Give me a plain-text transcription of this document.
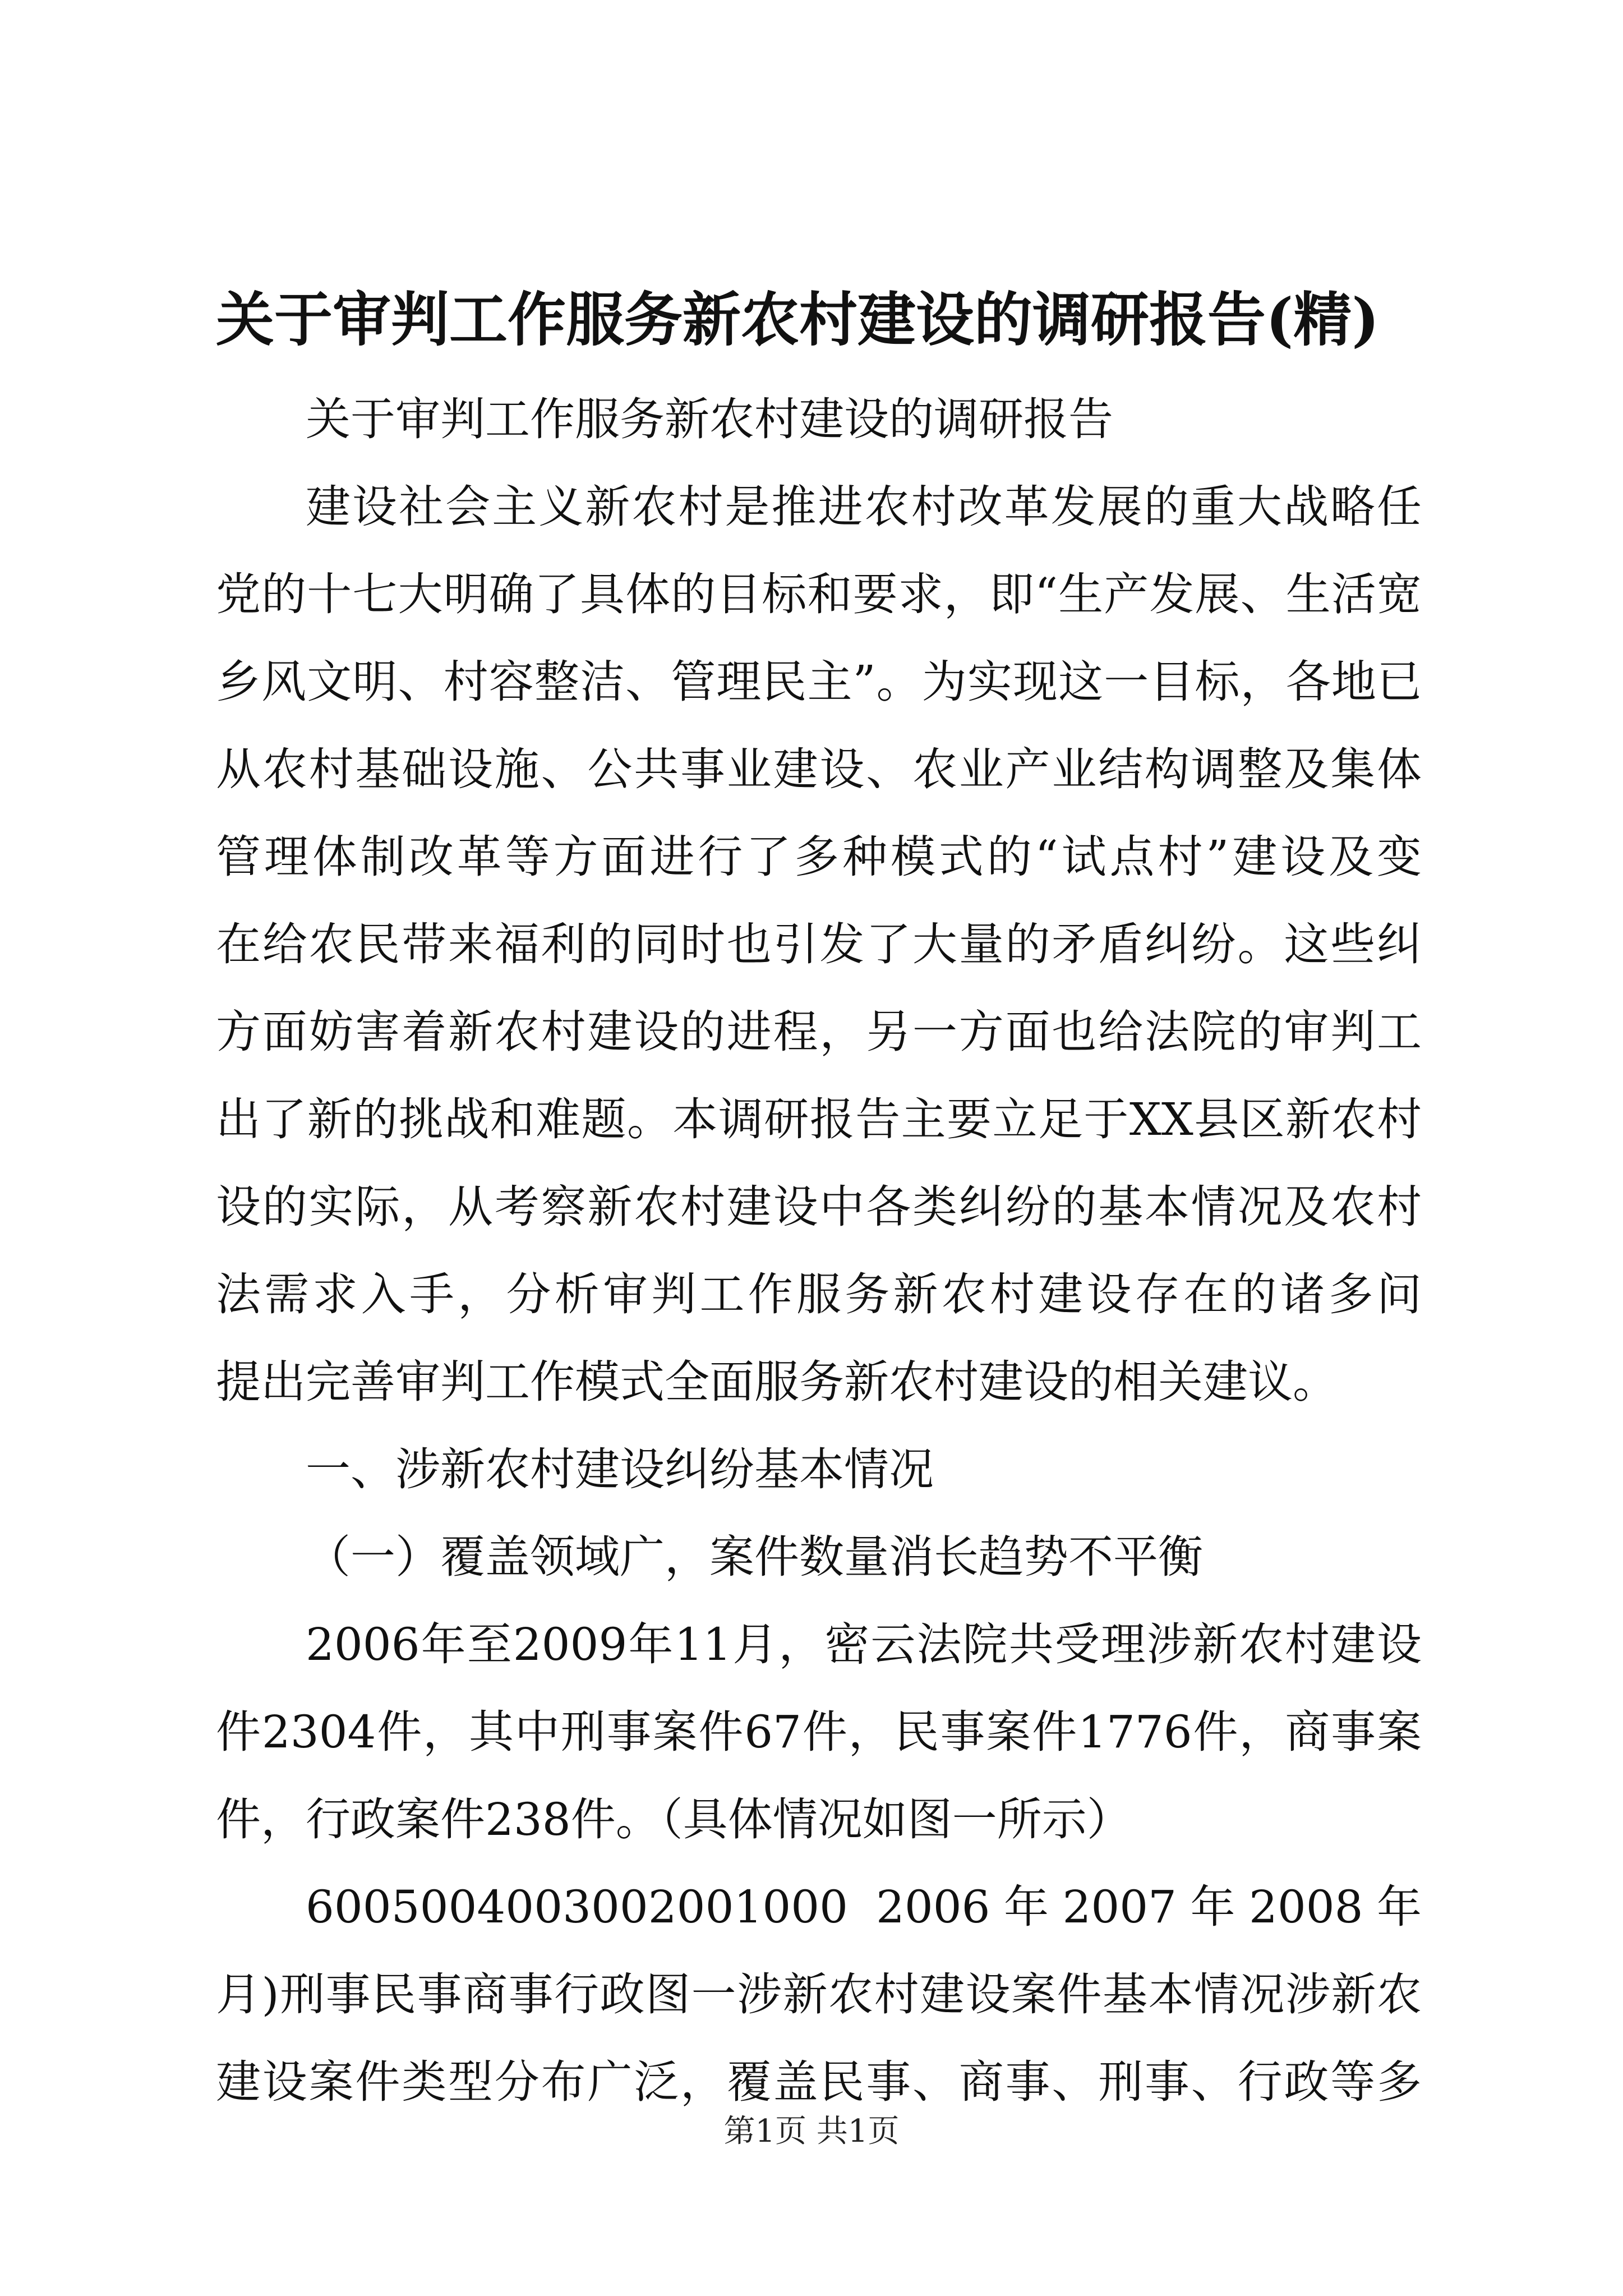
关于审判工作服务新农村建设的调研报告(精)
关于审判工作服务新农村建设的调研报告
建设社会主义新农村是推进农村改革发展的重大战略任
党的十七大明确了具体的目标和要求，即“生产发展、生活宽
乡风文明、村容整洁、管理民主”。为实现这一目标，各地已
从农村基础设施、公共事业建设、农业产业结构调整及集体
管理体制改革等方面进行了多种模式的“试点村”建设及变
在给农民带来福利的同时也引发了大量的矛盾纠纷。这些纠
方面妨害着新农村建设的进程，另一方面也给法院的审判工
出了新的挑战和难题。本调研报告主要立足于XX县区新农村
设的实际，从考察新农村建设中各类纠纷的基本情况及农村
法需求入手，分析审判工作服务新农村建设存在的诸多问
提出完善审判工作模式全面服务新农村建设的相关建议。
一、涉新农村建设纠纷基本情况
（一）覆盖领域广，案件数量消长趋势不平衡
2006年至2009年11月，密云法院共受理涉新农村建设
件2304件，其中刑事案件67件，民事案件1776件，商事案
件，行政案件238件。（具体情况如图一所示）
6005004003002001000 2006年2007年2008年
月)刑事民事商事行政图一涉新农村建设案件基本情况涉新农
建设案件类型分布广泛，覆盖民事、商事、刑事、行政等多
第1页 共1页
